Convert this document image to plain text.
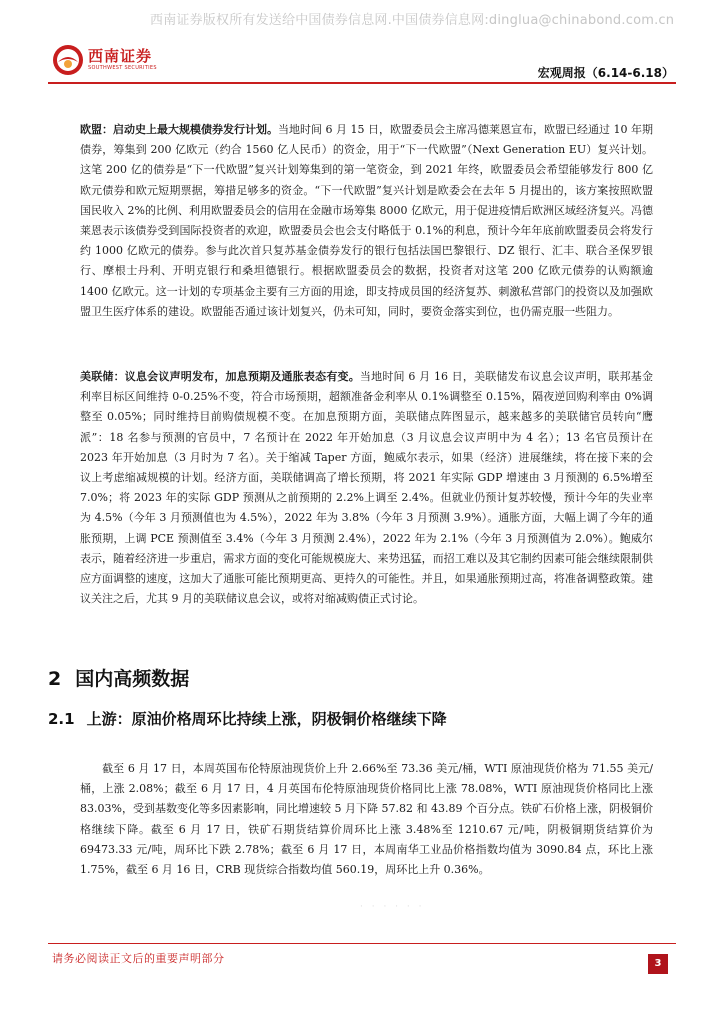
西南证券版权所有发送给中国债券信息网.中国债券信息网:dinglua@chinabond.com.cn
西南证券
SOUTHWEST SECURITIES	宏观周报（6.14-6.18）

欧盟：启动史上最大规模债券发行计划。当地时间 6 月 15 日，欧盟委员会主席冯德莱恩宣布，欧盟已经通过 10 年期债券，筹集到 200 亿欧元（约合 1560 亿人民币）的资金，用于“下一代欧盟”（Next Generation EU）复兴计划。这笔 200 亿的债券是“下一代欧盟”复兴计划筹集到的第一笔资金，到 2021 年终，欧盟委员会希望能够发行 800 亿欧元债券和欧元短期票据，筹措足够多的资金。“下一代欧盟”复兴计划是欧委会在去年 5 月提出的，该方案按照欧盟国民收入 2%的比例、利用欧盟委员会的信用在金融市场筹集 8000 亿欧元，用于促进疫情后欧洲区域经济复兴。冯德莱恩表示该债券受到国际投资者的欢迎，欧盟委员会也会支付略低于 0.1%的利息，预计今年年底前欧盟委员会将发行约 1000 亿欧元的债券。参与此次首只复苏基金债券发行的银行包括法国巴黎银行、DZ 银行、汇丰、联合圣保罗银行、摩根士丹利、开明克银行和桑坦德银行。根据欧盟委员会的数据，投资者对这笔 200 亿欧元债券的认购额逾 1400 亿欧元。这一计划的专项基金主要有三方面的用途，即支持成员国的经济复苏、刺激私营部门的投资以及加强欧盟卫生医疗体系的建设。欧盟能否通过该计划复兴，仍未可知，同时，要资金落实到位，也仍需克服一些阻力。

美联储：议息会议声明发布，加息预期及通胀表态有变。当地时间 6 月 16 日，美联储发布议息会议声明，联邦基金利率目标区间维持 0-0.25%不变，符合市场预期，超额准备金利率从 0.1%调整至 0.15%，隔夜逆回购利率由 0%调整至 0.05%；同时维持目前购债规模不变。在加息预期方面，美联储点阵图显示，越来越多的美联储官员转向“鹰派”：18 名参与预测的官员中，7 名预计在 2022 年开始加息（3 月议息会议声明中为 4 名）；13 名官员预计在 2023 年开始加息（3 月时为 7 名）。关于缩减 Taper 方面，鲍威尔表示，如果（经济）进展继续，将在接下来的会议上考虑缩减规模的计划。经济方面，美联储调高了增长预期，将 2021 年实际 GDP 增速由 3 月预测的 6.5%增至 7.0%；将 2023 年的实际 GDP 预测从之前预期的 2.2%上调至 2.4%。但就业仍预计复苏较慢，预计今年的失业率为 4.5%（今年 3 月预测值也为 4.5%），2022 年为 3.8%（今年 3 月预测 3.9%）。通胀方面，大幅上调了今年的通胀预期，上调 PCE 预测值至 3.4%（今年 3 月预测 2.4%），2022 年为 2.1%（今年 3 月预测值为 2.0%）。鲍威尔表示，随着经济进一步重启，需求方面的变化可能规模庞大、来势迅猛，而招工难以及其它制约因素可能会继续限制供应方面调整的速度，这加大了通胀可能比预期更高、更持久的可能性。并且，如果通胀预期过高，将准备调整政策。建议关注之后，尤其 9 月的美联储议息会议，或将对缩减购债正式讨论。

2 国内高频数据
2.1 上游：原油价格周环比持续上涨，阴极铜价格继续下降

截至 6 月 17 日，本周英国布伦特原油现货价上升 2.66%至 73.36 美元/桶，WTI 原油现货价格为 71.55 美元/桶，上涨 2.08%；截至 6 月 17 日，4 月英国布伦特原油现货价格同比上涨 78.08%，WTI 原油现货价格同比上涨 83.03%，受到基数变化等多因素影响，同比增速较 5 月下降 57.82 和 43.89 个百分点。铁矿石价格上涨，阴极铜价格继续下降。截至 6 月 17 日，铁矿石期货结算价周环比上涨 3.48%至 1210.67 元/吨，阴极铜期货结算价为 69473.33 元/吨，周环比下跌 2.78%；截至 6 月 17 日，本周南华工业品价格指数均值为 3090.84 点，环比上涨 1.75%，截至 6 月 16 日，CRB 现货综合指数均值 560.19，周环比上升 0.36%。

· · · · · ·
请务必阅读正文后的重要声明部分	3
